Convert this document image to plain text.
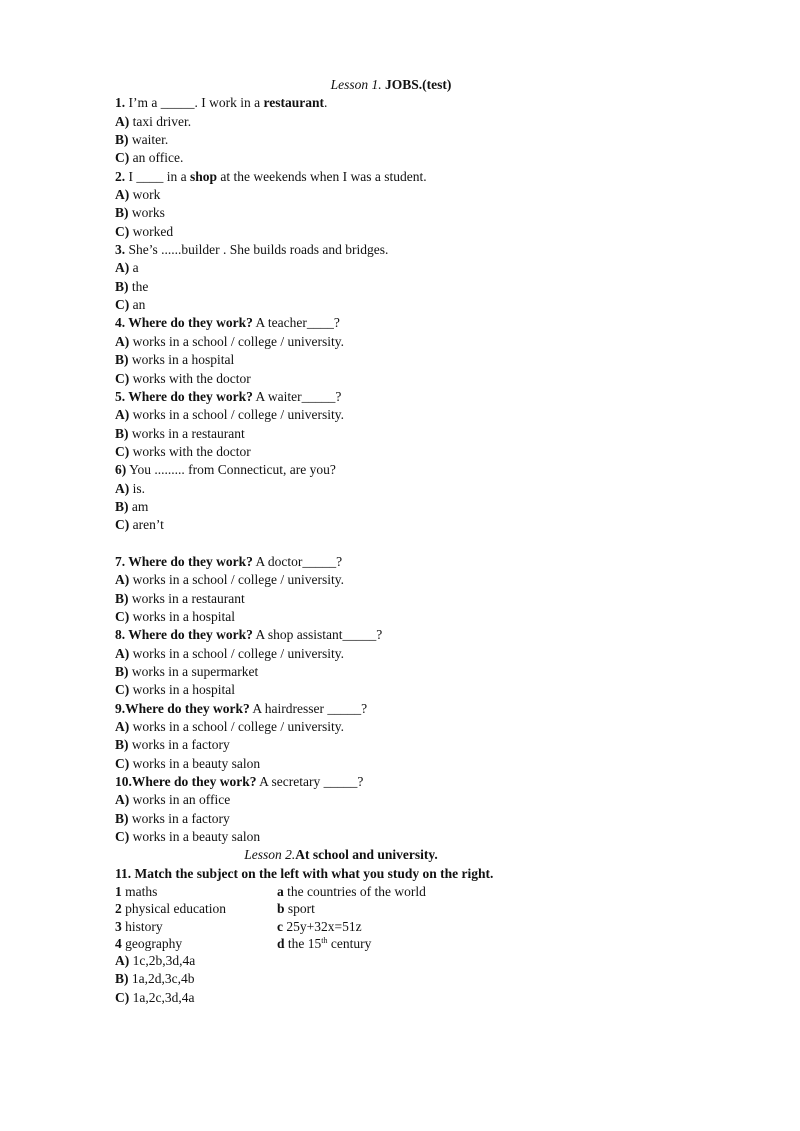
Lesson 1. JOBS.(test)
1. I’m a _____. I work in a restaurant.
A) taxi driver.
B) waiter.
C) an office.
2. I ____ in a shop at the weekends when I was a student.
A) work
B) works
C) worked
3. She’s ......builder . She builds roads and bridges.
A) a
B) the
C) an
4. Where do they work? A teacher____?
A) works in a school / college / university.
B) works in a hospital
C) works with the doctor
5. Where do they work? A waiter_____?
A) works in a school / college / university.
B) works in a restaurant
C) works with the doctor
6) You ......... from Connecticut, are you?
A) is.
B) am
C) aren’t
7. Where do they work? A doctor_____?
A) works in a school / college / university.
B) works in a restaurant
C) works in a hospital
8. Where do they work? A shop assistant_____?
A) works in a school / college / university.
B) works in a supermarket
C) works in a hospital
9.Where do they work? A hairdresser _____?
A) works in a school / college / university.
B) works in a factory
C) works in a beauty salon
10.Where do they work? A secretary _____?
A) works in an office
B) works in a factory
C) works in a beauty salon
Lesson 2.At school and university.
11. Match the subject on the left with what you study on the right.
1 maths	a the countries of the world
2 physical education	b sport
3 history	c 25y+32x=51z
4 geography	d the 15th century
A) 1c,2b,3d,4a
B) 1a,2d,3c,4b
C) 1a,2c,3d,4a
